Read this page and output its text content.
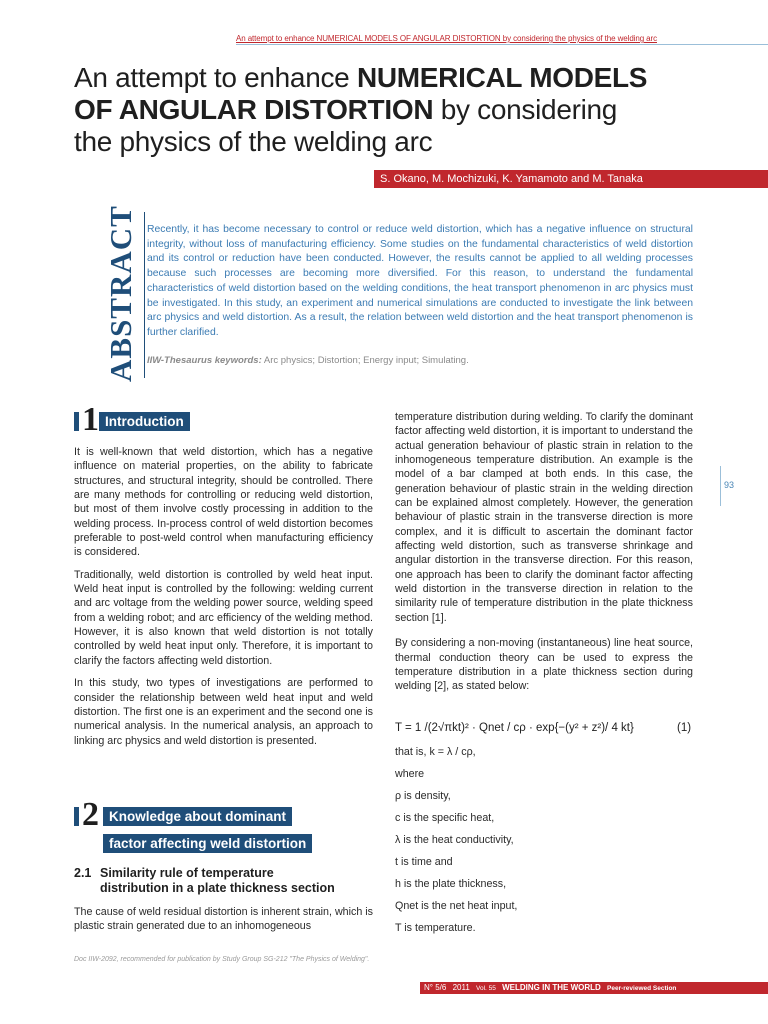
An attempt to enhance NUMERICAL MODELS OF ANGULAR DISTORTION by considering the physics of the welding arc
An attempt to enhance NUMERICAL MODELS
OF ANGULAR DISTORTION by considering
the physics of the welding arc
S. Okano, M. Mochizuki, K. Yamamoto and M. Tanaka
ABSTRACT Recently, it has become necessary to control or reduce weld distortion, which has a negative influence on structural integrity, without loss of manufacturing efficiency. Some studies on the fundamental characteristics of weld distortion and its control or reduction have been conducted. However, the results cannot be applied to all welding processes because such processes are becoming more diversified. For this reason, to understand the fundamental characteristics of weld distortion based on the welding conditions, the heat transport phenomenon in arc physics must be investigated. In this study, an experiment and numerical simulations are conducted to investigate the link between arc physics and weld distortion. As a result, the relation between weld distortion and the heat transport phenomenon is further clarified.
IIW-Thesaurus keywords: Arc physics; Distortion; Energy input; Simulating.
1 Introduction

It is well-known that weld distortion, which has a negative influence on material properties, on the ability to fabricate structures, and structural integrity, should be controlled. There are many methods for controlling or reducing weld distortion, but most of them involve costly processing in addition to the welding process. In-process control of weld distortion becomes preferable to post-weld control when manufacturing efficiency is considered.

Traditionally, weld distortion is controlled by weld heat input. Weld heat input is controlled by the following: welding current and arc voltage from the welding power source, welding speed from a welding robot; and arc efficiency of the welding method. However, it is also known that weld distortion is not totally controlled by weld heat input only. Therefore, it is important to clarify the factors affecting weld distortion.

In this study, two types of investigations are performed to consider the relationship between weld heat input and weld distortion. The first one is an experiment and the second one is numerical analysis. In the numerical analysis, an approach to linking arc physics and weld distortion is presented.

2 Knowledge about dominant
factor affecting weld distortion
2.1 Similarity rule of temperature
distribution in a plate thickness section

The cause of weld residual distortion is inherent strain, which is plastic strain generated due to an inhomogeneous

temperature distribution during welding. To clarify the dominant factor affecting weld distortion, it is important to understand the actual generation behaviour of plastic strain in relation to the inhomogeneous temperature distribution. An example is the model of a bar clamped at both ends. In this case, the generation behaviour of plastic strain in the welding direction can be explained almost completely. However, the generation behaviour of plastic strain in the transverse direction is more complex, and it is difficult to ascertain the dominant factor affecting weld distortion, such as transverse shrinkage and angular distortion in the transverse direction. For this reason, one approach has been to clarify the dominant factor affecting weld distortion in the transverse direction in relation to the similarity rule of temperature distribution in the plate thickness section [1].

By considering a non-moving (instantaneous) line heat source, thermal conduction theory can be used to express the temperature distribution in a plate thickness section during welding [2], as stated below:

T = 1 /(2√πkt)² · Qnet / cρ · exp{−(y² + z²)/ 4 kt}	(1)
that is, k = λ / cρ,
where
ρ is density,
c is the specific heat,
λ is the heat conductivity,
t is time and
h is the plate thickness,
Qnet is the net heat input,
T is temperature.
93
Doc IIW-2092, recommended for publication by Study Group SG-212 "The Physics of Welding".
N° 5/6 2011 Vol. 55 WELDING IN THE WORLD Peer-reviewed Section
